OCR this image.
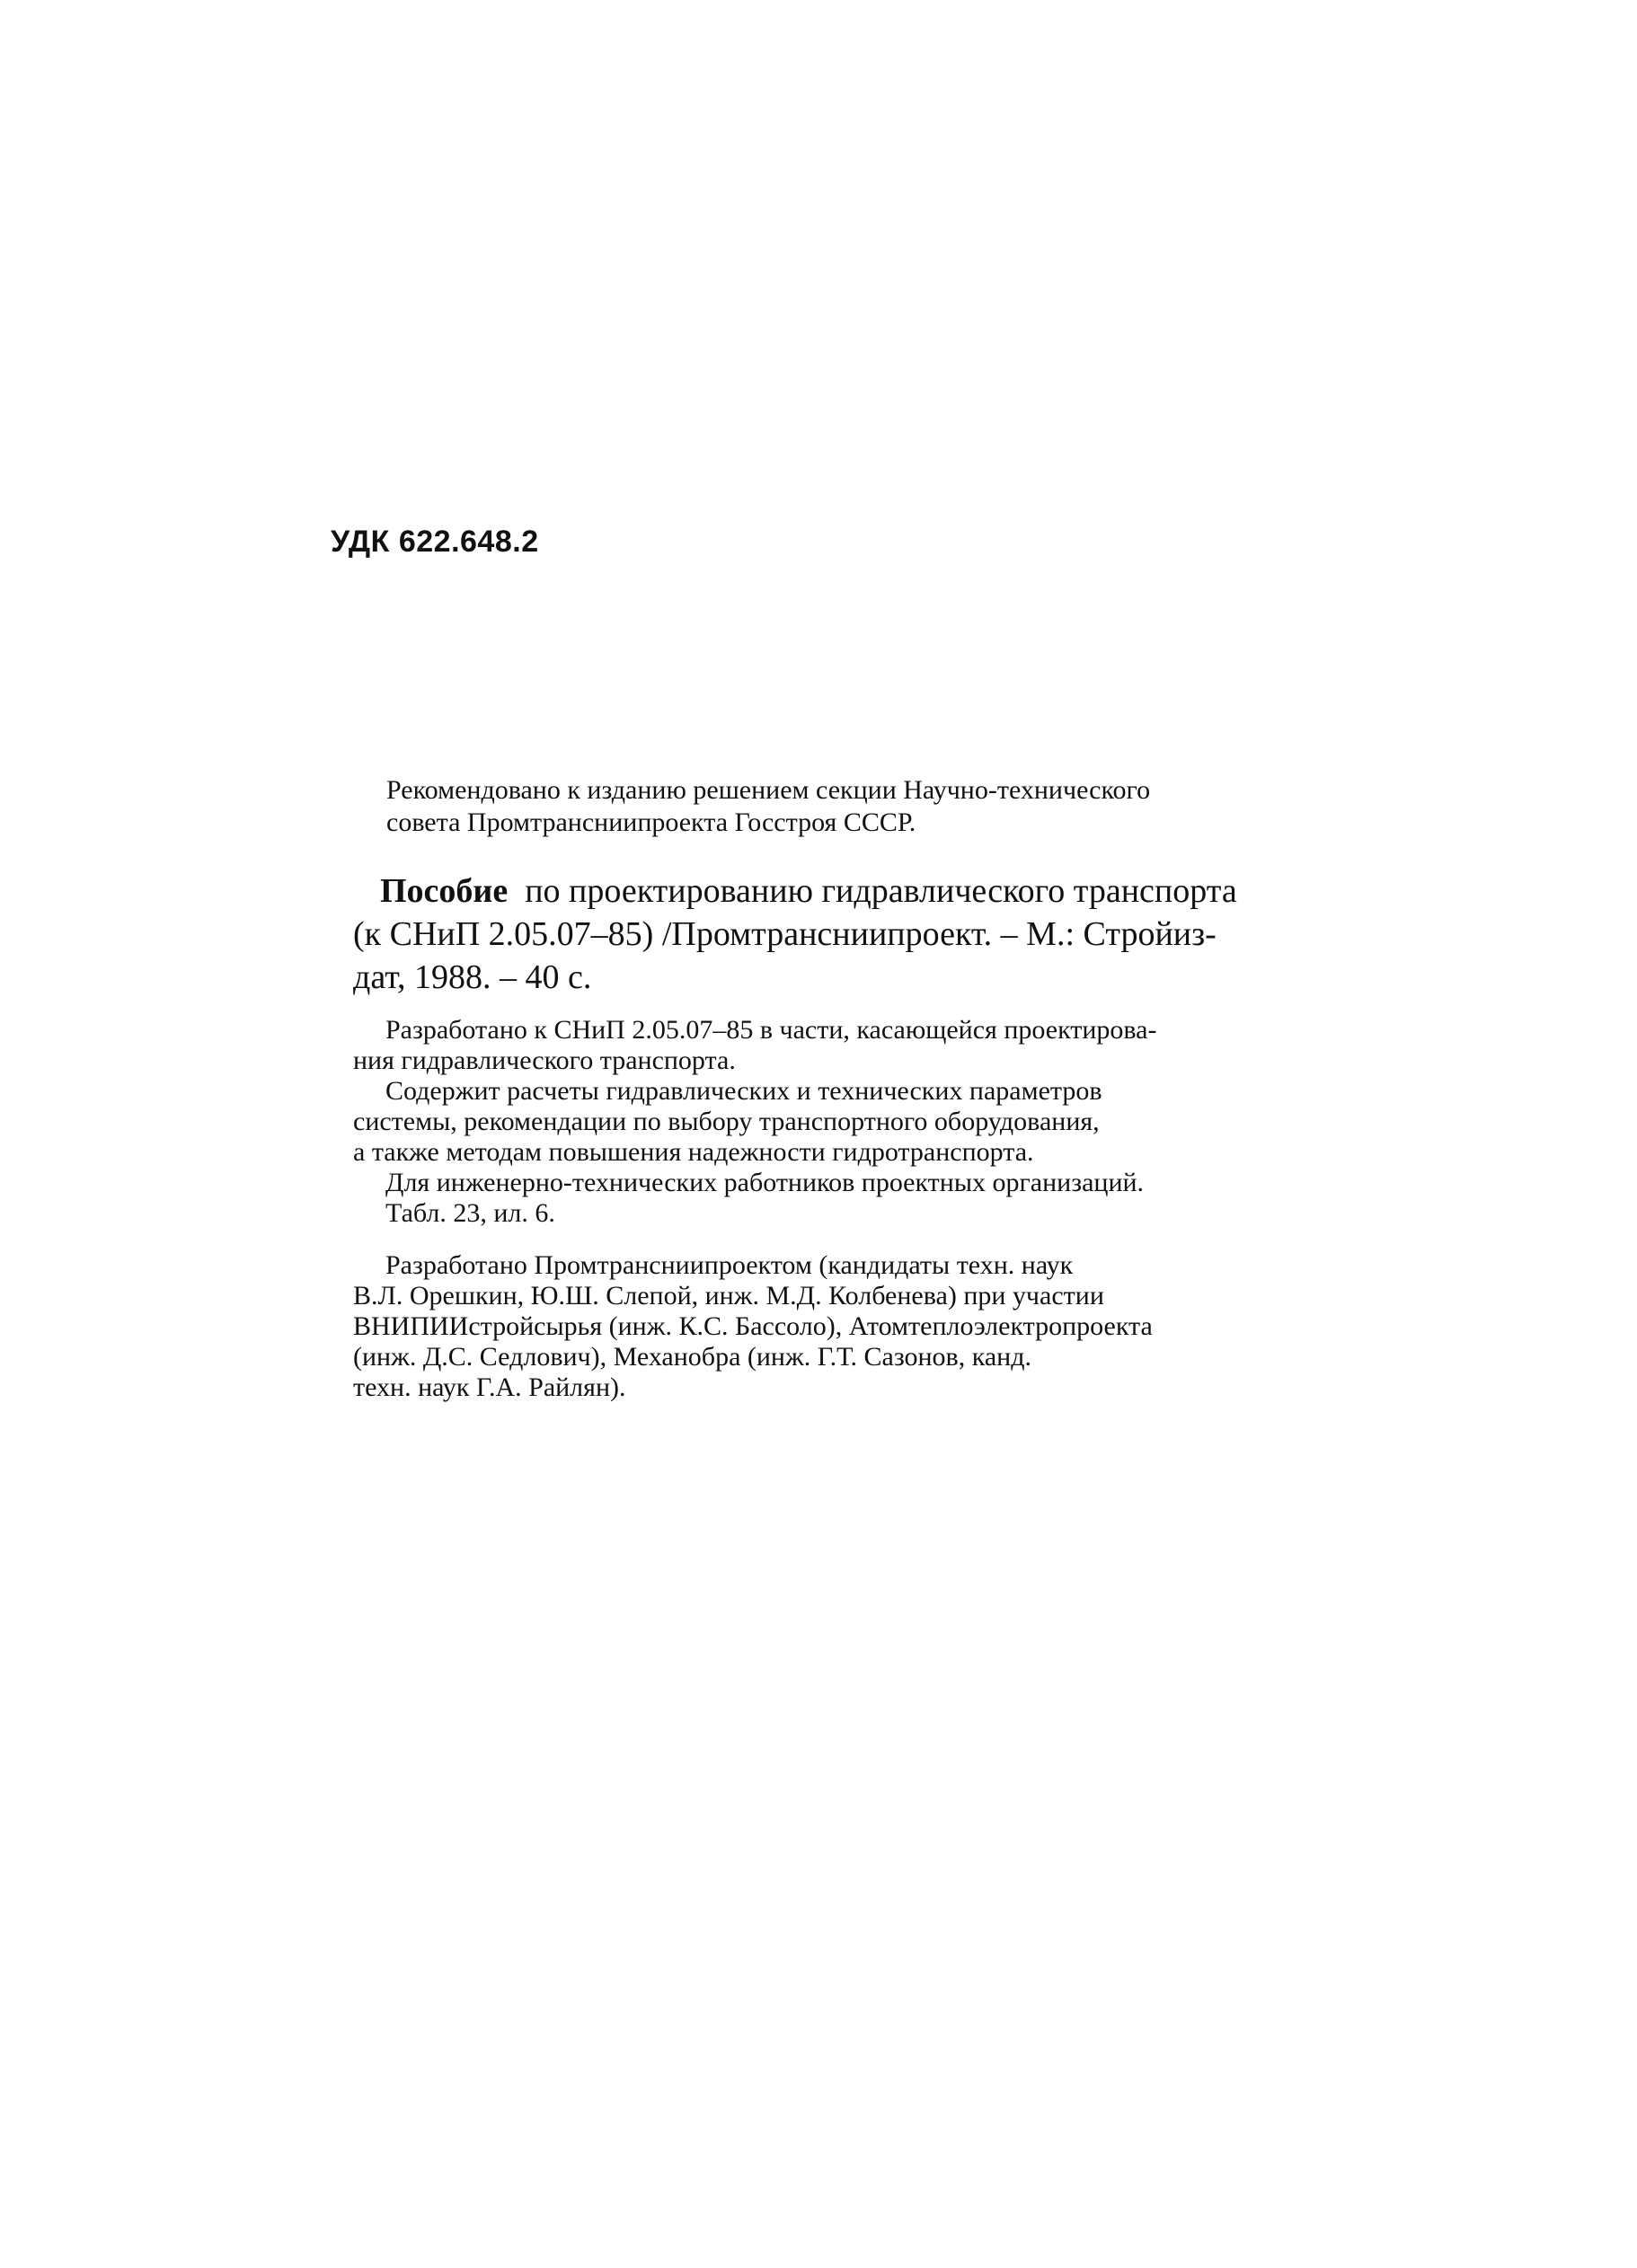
УДК 622.648.2
Рекомендовано к изданию решением секции Научно-технического
совета Промтрансниипроекта Госстроя СССР.
Пособие по проектированию гидравлического транспорта
(к СНиП 2.05.07–85) /Промтрансниипроект. – М.: Стройиз-
дат, 1988. – 40 с.
Разработано к СНиП 2.05.07–85 в части, касающейся проектирова-
ния гидравлического транспорта.
Содержит расчеты гидравлических и технических параметров
системы, рекомендации по выбору транспортного оборудования,
а также методам повышения надежности гидротранспорта.
Для инженерно-технических работников проектных организаций.
Табл. 23, ил. 6.
Разработано Промтрансниипроектом (кандидаты техн. наук
В.Л. Орешкин, Ю.Ш. Слепой, инж. М.Д. Колбенева) при участии
ВНИПИИстройсырья (инж. К.С. Бассоло), Атомтеплоэлектропроекта
(инж. Д.С. Седлович), Механобра (инж. Г.Т. Сазонов, канд.
техн. наук Г.А. Райлян).
